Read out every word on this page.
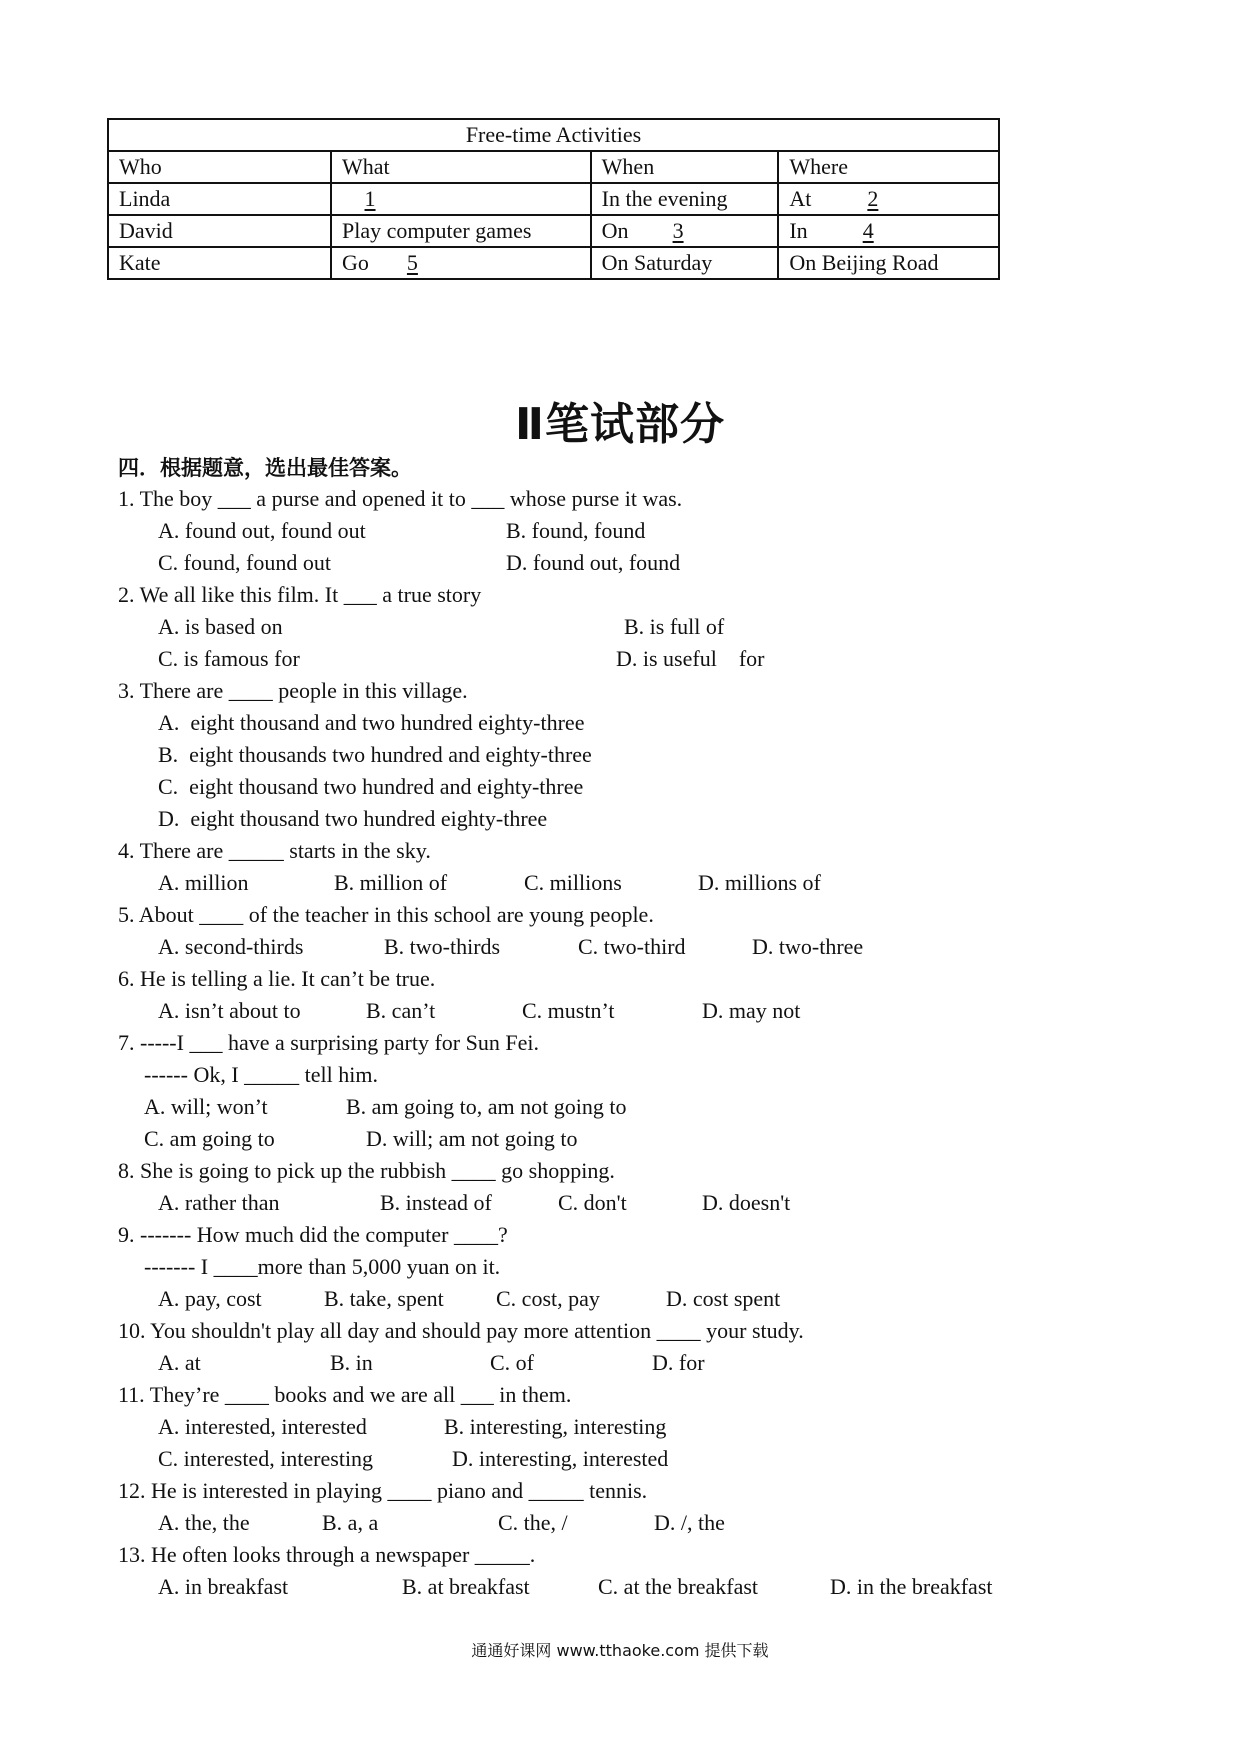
Free-time Activities			
Who	What	When	Where
Linda	1	In the evening	At 2
David	Play computer games	On 3	In 4
Kate	Go 5	On Saturday	On Beijing Road
Ⅱ笔试部分
四．根据题意，选出最佳答案。
1. The boy ___ a purse and opened it to ___ whose purse it was.
A. found out, found out	B. found, found
C. found, found out	D. found out, found
2. We all like this film. It ___ a true story
A. is based on	B. is full of
C. is famous for	D. is useful    for
3. There are ____ people in this village.
A.  eight thousand and two hundred eighty-three
B.  eight thousands two hundred and eighty-three
C.  eight thousand two hundred and eighty-three
D.  eight thousand two hundred eighty-three
4. There are _____ starts in the sky.
A. million	B. million of	C. millions	D. millions of
5. About ____ of the teacher in this school are young people.
A. second-thirds	B. two-thirds	C. two-third	D. two-three
6. He is telling a lie. It can’t be true.
A. isn’t about to	B. can’t	C. mustn’t	D. may not
7. -----I ___ have a surprising party for Sun Fei.
------ Ok, I _____ tell him.
A. will; won’t	B. am going to, am not going to
C. am going to	D. will; am not going to
8. She is going to pick up the rubbish ____ go shopping.
A. rather than	B. instead of	C. don't	D. doesn't
9. ------- How much did the computer ____?
------- I ____more than 5,000 yuan on it.
A. pay, cost	B. take, spent C. cost, pay	D. cost spent
10. You shouldn't play all day and should pay more attention ____ your study.
A. at	B. in	C. of	D. for
11. They’re ____ books and we are all ___ in them.
A. interested, interested	B. interesting, interesting
C. interested, interesting	D. interesting, interested
12. He is interested in playing ____ piano and _____ tennis.
A. the, the	B. a, a	C. the, /	D. /, the
13. He often looks through a newspaper _____.
A. in breakfast	B. at breakfast	C. at the breakfast	D. in the breakfast
通通好课网 www.tthaoke.com 提供下载
